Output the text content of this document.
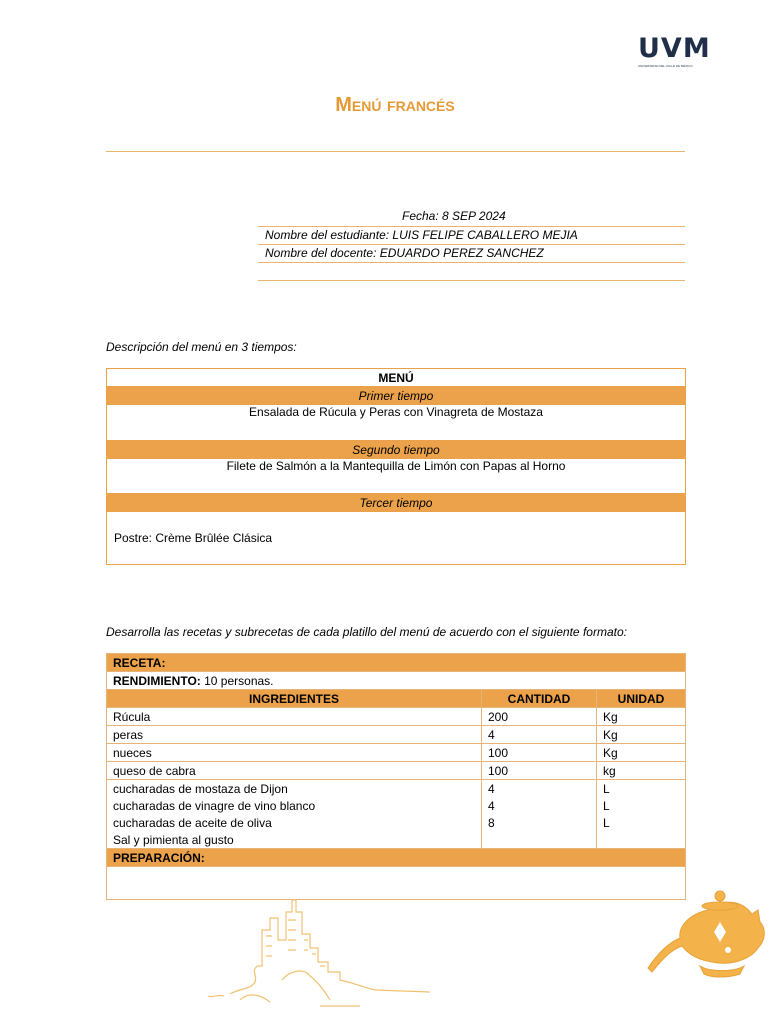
UVM
UNIVERSIDAD DEL VALLE DE MÉXICO
Menú francés
Fecha: 8 SEP 2024
Nombre del estudiante: LUIS FELIPE CABALLERO MEJIA
Nombre del docente: EDUARDO PEREZ SANCHEZ
Descripción del menú en 3 tiempos:
MENÚ
Primer tiempo
Ensalada de Rúcula y Peras con Vinagreta de Mostaza
Segundo tiempo
Filete de Salmón a la Mantequilla de Limón con Papas al Horno
Tercer tiempo
Postre: Crème Brûlée Clásica
Desarrolla las recetas y subrecetas de cada platillo del menú de acuerdo con el siguiente formato:
RECETA:		
RENDIMIENTO: 10 personas.		
INGREDIENTES	CANTIDAD	UNIDAD
Rúcula	200	Kg
peras	4	Kg
nueces	100	Kg
queso de cabra	100	kg
cucharadas de mostaza de Dijon	4	L
cucharadas de vinagre de vino blanco	4	L
cucharadas de aceite de oliva	8	L
Sal y pimienta al gusto		
PREPARACIÓN:		
